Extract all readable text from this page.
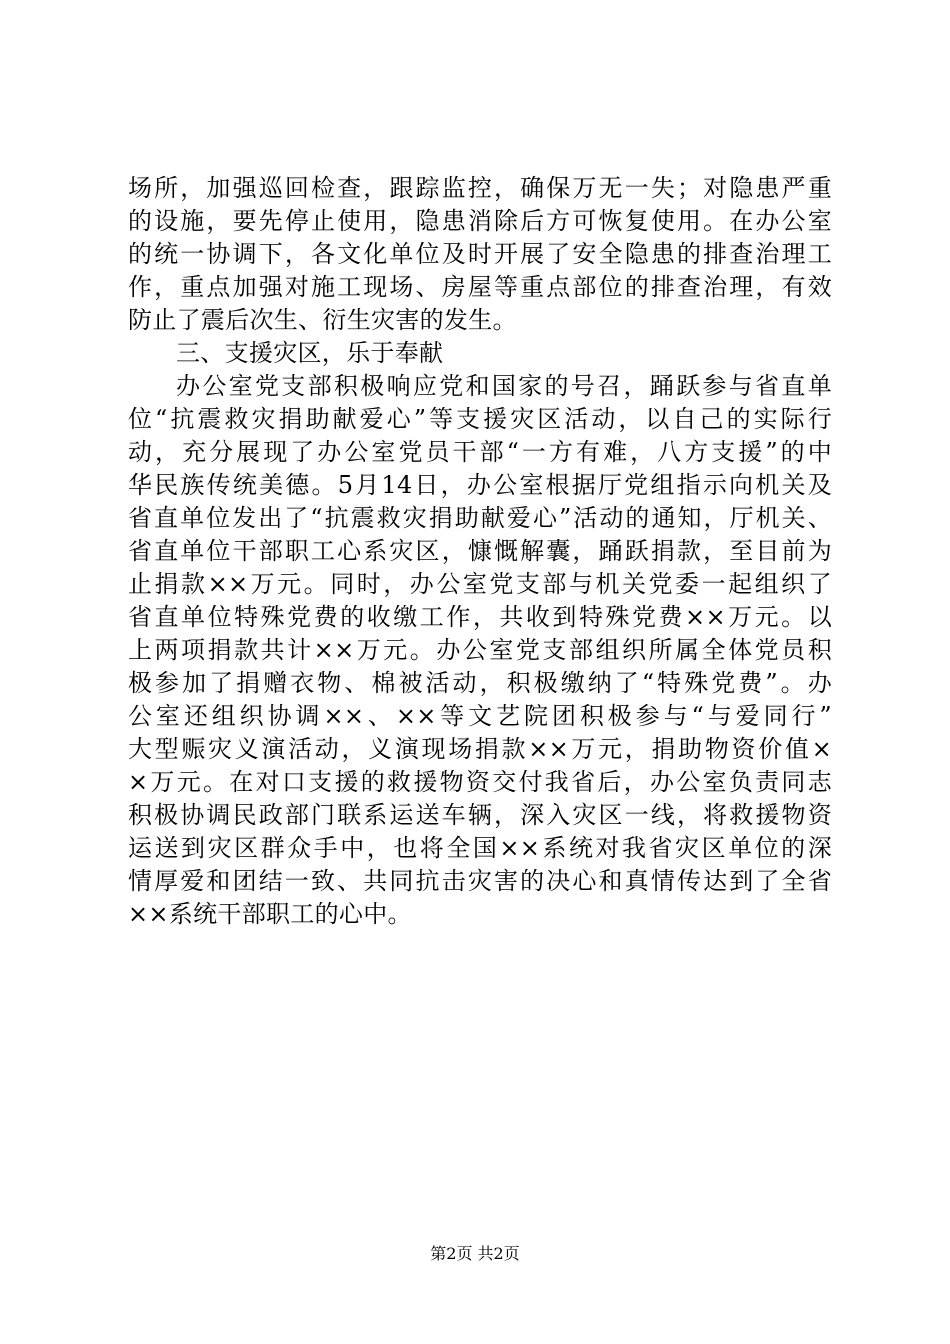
场所，加强巡回检查，跟踪监控，确保万无一失；对隐患严重
的设施，要先停止使用，隐患消除后方可恢复使用。在办公室
的统一协调下，各文化单位及时开展了安全隐患的排查治理工
作，重点加强对施工现场、房屋等重点部位的排查治理，有效
防止了震后次生、衍生灾害的发生。
三、支援灾区，乐于奉献
办公室党支部积极响应党和国家的号召，踊跃参与省直单
位“抗震救灾捐助献爱心”等支援灾区活动，以自己的实际行
动，充分展现了办公室党员干部“一方有难，八方支援”的中
华民族传统美德。5月14日，办公室根据厅党组指示向机关及
省直单位发出了“抗震救灾捐助献爱心”活动的通知，厅机关、
省直单位干部职工心系灾区，慷慨解囊，踊跃捐款，至目前为
止捐款××万元。同时，办公室党支部与机关党委一起组织了
省直单位特殊党费的收缴工作，共收到特殊党费××万元。以
上两项捐款共计××万元。办公室党支部组织所属全体党员积
极参加了捐赠衣物、棉被活动，积极缴纳了“特殊党费”。办
公室还组织协调××、××等文艺院团积极参与“与爱同行”
大型赈灾义演活动，义演现场捐款××万元，捐助物资价值×
×万元。在对口支援的救援物资交付我省后，办公室负责同志
积极协调民政部门联系运送车辆，深入灾区一线，将救援物资
运送到灾区群众手中，也将全国××系统对我省灾区单位的深
情厚爱和团结一致、共同抗击灾害的决心和真情传达到了全省
××系统干部职工的心中。
第2页 共2页
